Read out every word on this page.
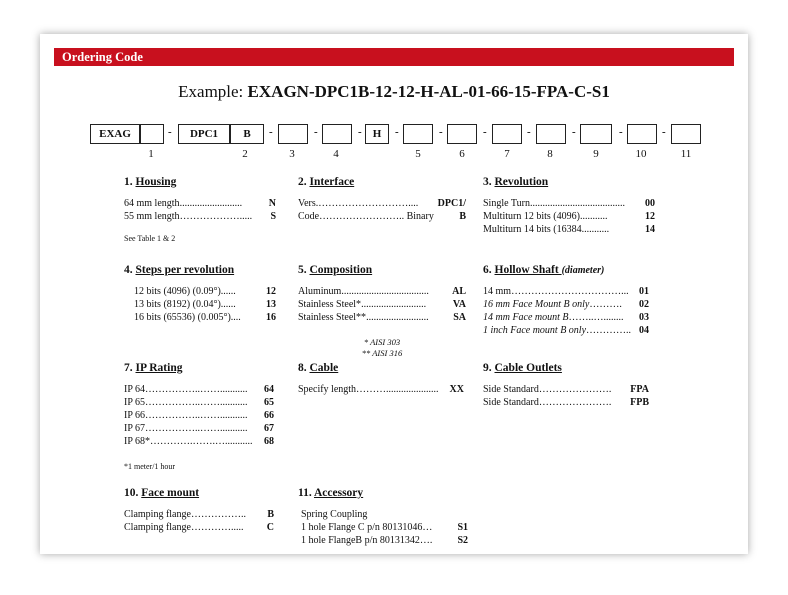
Ordering Code
Example: EXAGN-DPC1B-12-12-H-AL-01-66-15-FPA-C-S1
EXAG	-	DPC1	B	-	-	-	H	-	-	-	-	-	-	-
1	2	3	4	5	6	7	8	9	10	11
1. Housing
64 mm length .........................	N
55 mm length ……………….....	S
See Table 1 & 2
2. Interface
Vers. ………………………....	DPC1/
Code …………………….. Binary	B
3. Revolution
Single Turn ......................................	00
Multiturn 12 bits (4096) ...........	12
Multiturn 14 bits (16384 ...........	14
4. Steps per revolution
12 bits (4096) (0.09°) ......	12
13 bits (8192) (0.04°) ......	13
16 bits (65536) (0.005°) ....	16
5. Composition
Aluminum ...................................	AL
Stainless Steel* ..........................	VA
Stainless Steel** .........................	SA
* AISI 303
** AISI 316
6. Hollow Shaft (diameter)
14 mm ……………………………...	01
16 mm Face Mount B only ……….	02
14 mm Face mount B ……..…........	03
1 inch Face mount B only ………….. 04
7. IP Rating
IP 64 ……………..……...........	64
IP 65 ……………..……...........	65
IP 66 ……………..……...........	66
IP 67 ……………..……...........	67
IP 68* ………….…….…...........	68
*1 meter/1 hour
8. Cable
Specify length ……….....................	XX
9. Cable Outlets
Side Standard ………………….	FPA
Side Standard ………………….	FPB
10. Face mount
Clamping flange ……………..	B
Clamping flange ………….....	C
11. Accessory
Spring Coupling
1 hole Flange C p/n 80131046 …	S1
1 hole FlangeB p/n 80131342 ….	S2
